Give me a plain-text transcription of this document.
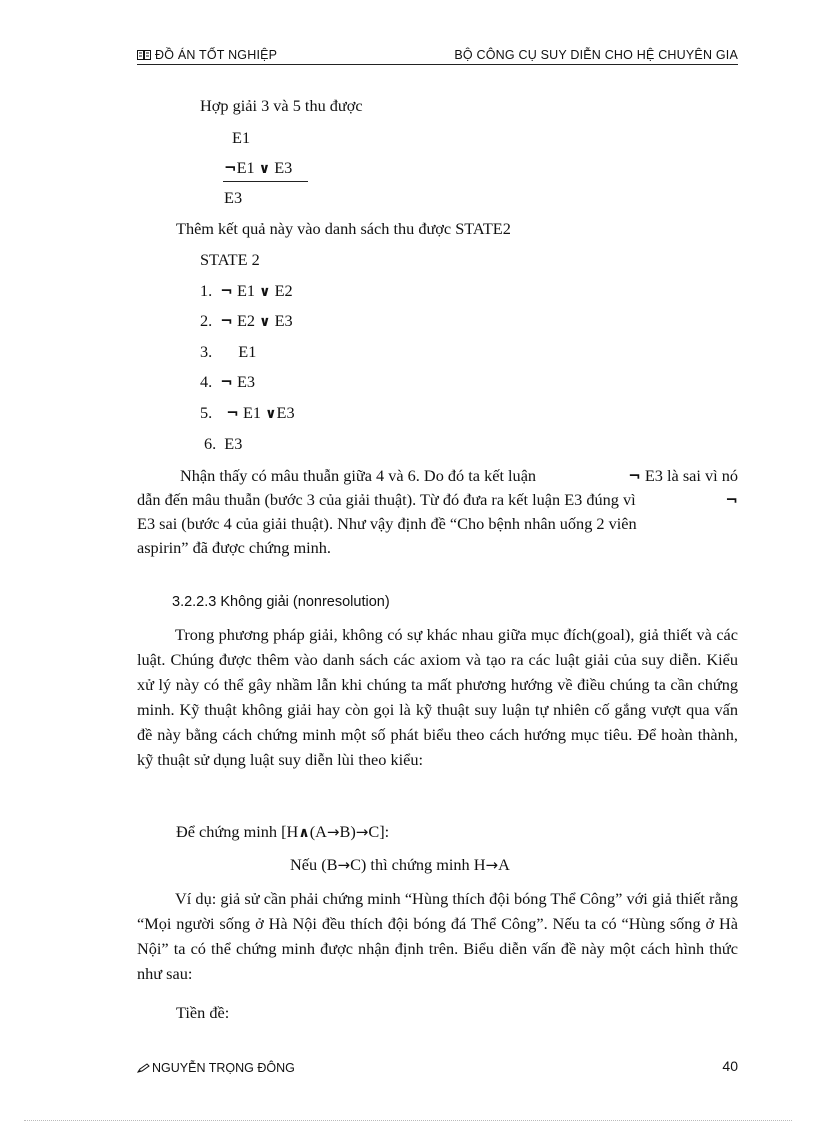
ĐỒ ÁN TỐT NGHIỆP	BỘ CÔNG CỤ SUY DIỄN CHO HỆ CHUYÊN GIA
Hợp giải 3 và 5 thu được
E1
¬E1 ∨ E3
E3
Thêm kết quả này vào danh sách thu được STATE2
STATE 2
1. ¬ E1 ∨ E2
2. ¬ E2 ∨ E3
3. E1
4. ¬ E3
5. ¬ E1 ∨E3
6. E3
Nhận thấy có mâu thuẫn giữa 4 và 6. Do đó ta kết luận	¬ E3 là sai vì nó
dẫn đến mâu thuẫn (bước 3 của giải thuật). Từ đó đưa ra kết luận E3 đúng vì	¬
E3 sai (bước 4 của giải thuật). Như vậy định đề “Cho bệnh nhân uống 2 viên
aspirin” đã được chứng minh.
3.2.2.3 Không giải (nonresolution)
Trong phương pháp giải, không có sự khác nhau giữa mục đích(goal), giả thiết và các luật. Chúng được thêm vào danh sách các axiom và tạo ra các luật giải của suy diễn. Kiểu xử lý này có thể gây nhầm lẫn khi chúng ta mất phương hướng về điều chúng ta cần chứng minh. Kỹ thuật không giải hay còn gọi là kỹ thuật suy luận tự nhiên cố gắng vượt qua vấn đề này bằng cách chứng minh một số phát biểu theo cách hướng mục tiêu. Để hoàn thành, kỹ thuật sử dụng luật suy diễn lùi theo kiểu:
Để chứng minh [H∧(A→B)→C]:
Nếu (B→C) thì chứng minh H→A
Ví dụ: giả sử cần phải chứng minh “Hùng thích đội bóng Thể Công” với giả thiết rằng “Mọi người sống ở Hà Nội đều thích đội bóng đá Thể Công”. Nếu ta có “Hùng sống ở Hà Nội” ta có thể chứng minh được nhận định trên. Biểu diễn vấn đề này một cách hình thức như sau:
Tiền đề:
NGUYỄN TRỌNG ĐÔNG	40
